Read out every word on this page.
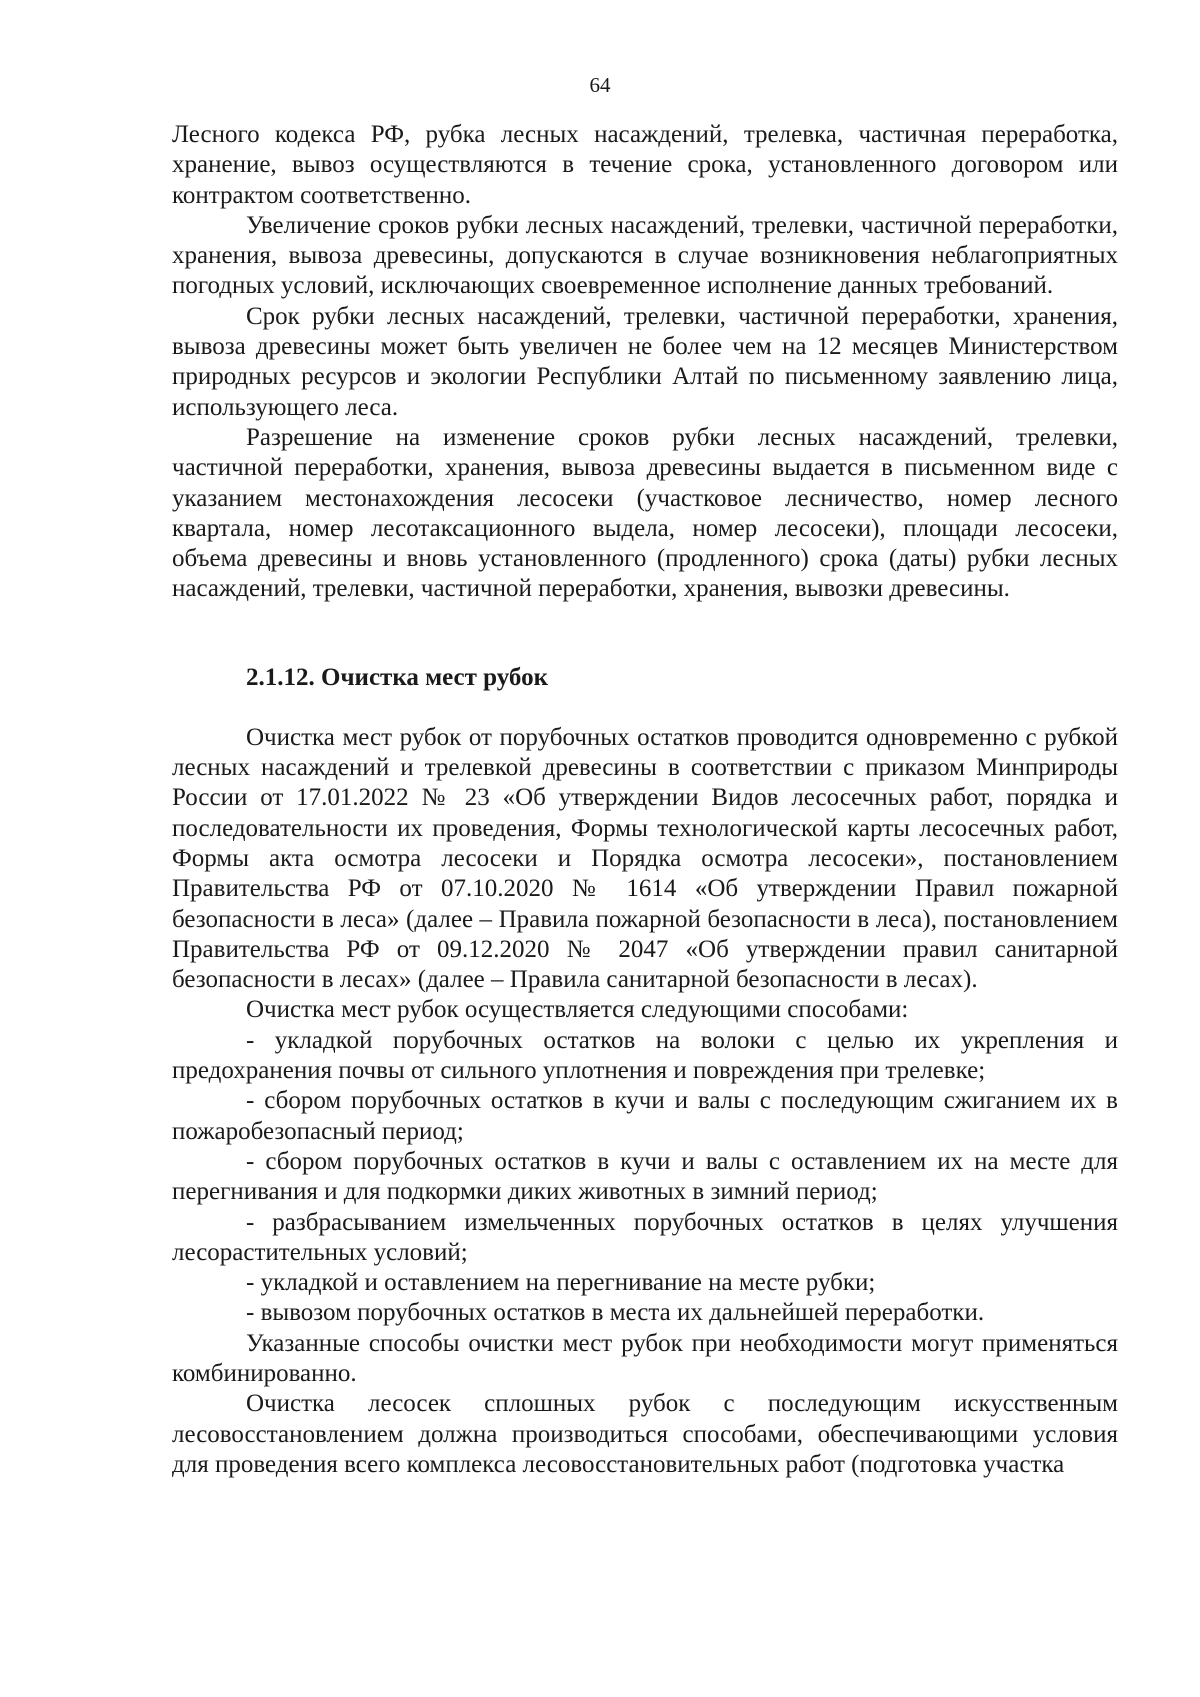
64

Лесного кодекса РФ, рубка лесных насаждений, трелевка, частичная переработка, хранение, вывоз осуществляются в течение срока, установленного договором или контрактом соответственно.

Увеличение сроков рубки лесных насаждений, трелевки, частичной переработки, хранения, вывоза древесины, допускаются в случае возникновения неблагоприятных погодных условий, исключающих своевременное исполнение данных требований.

Срок рубки лесных насаждений, трелевки, частичной переработки, хранения, вывоза древесины может быть увеличен не более чем на 12 месяцев Министерством природных ресурсов и экологии Республики Алтай по письменному заявлению лица, использующего леса.

Разрешение на изменение сроков рубки лесных насаждений, трелевки, частичной переработки, хранения, вывоза древесины выдается в письменном виде с указанием местонахождения лесосеки (участковое лесничество, номер лесного квартала, номер лесотаксационного выдела, номер лесосеки), площади лесосеки, объема древесины и вновь установленного (продленного) срока (даты) рубки лесных насаждений, трелевки, частичной переработки, хранения, вывозки древесины.

2.1.12. Очистка мест рубок

Очистка мест рубок от порубочных остатков проводится одновременно с рубкой лесных насаждений и трелевкой древесины в соответствии с приказом Минприроды России от 17.01.2022 № 23 «Об утверждении Видов лесосечных работ, порядка и последовательности их проведения, Формы технологической карты лесосечных работ, Формы акта осмотра лесосеки и Порядка осмотра лесосеки», постановлением Правительства РФ от 07.10.2020 № 1614 «Об утверждении Правил пожарной безопасности в леса» (далее – Правила пожарной безопасности в леса), постановлением Правительства РФ от 09.12.2020 № 2047 «Об утверждении правил санитарной безопасности в лесах» (далее – Правила санитарной безопасности в лесах).

Очистка мест рубок осуществляется следующими способами:

- укладкой порубочных остатков на волоки с целью их укрепления и предохранения почвы от сильного уплотнения и повреждения при трелевке;

- сбором порубочных остатков в кучи и валы с последующим сжиганием их в пожаробезопасный период;

- сбором порубочных остатков в кучи и валы с оставлением их на месте для перегнивания и для подкормки диких животных в зимний период;

- разбрасыванием измельченных порубочных остатков в целях улучшения лесорастительных условий;

- укладкой и оставлением на перегнивание на месте рубки;

- вывозом порубочных остатков в места их дальнейшей переработки.

Указанные способы очистки мест рубок при необходимости могут применяться комбинированно.

Очистка лесосек сплошных рубок с последующим искусственным лесовосстановлением должна производиться способами, обеспечивающими условия для проведения всего комплекса лесовосстановительных работ (подготовка участка
